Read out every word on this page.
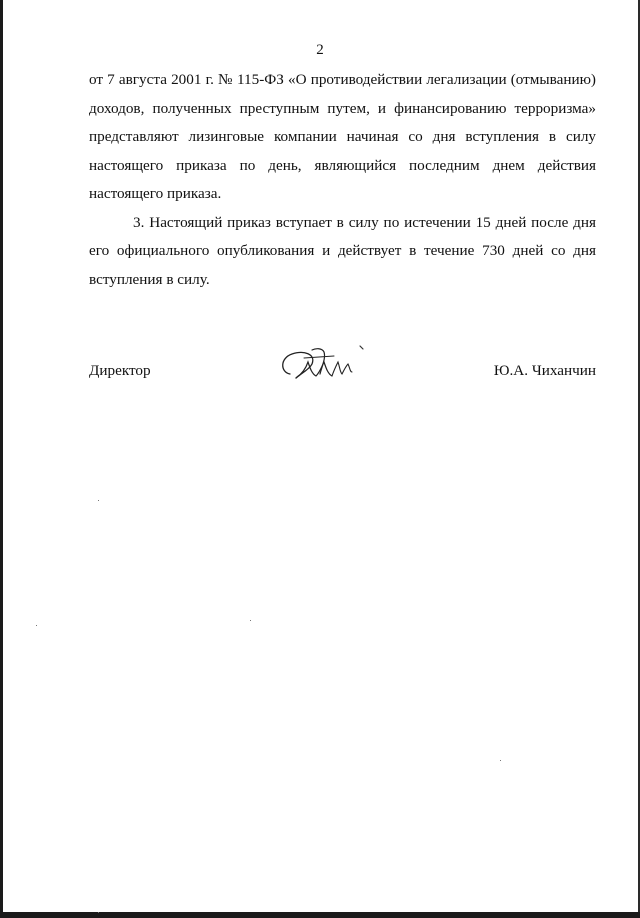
2
от 7 августа 2001 г. № 115-ФЗ «О противодействии легализации (отмыванию)
доходов, полученных преступным путем, и финансированию терроризма»
представляют лизинговые компании начиная со дня вступления в силу
настоящего приказа по день, являющийся последним днем действия
настоящего приказа.
3. Настоящий приказ вступает в силу по истечении 15 дней после дня
его официального опубликования и действует в течение 730 дней со дня
вступления в силу.
Директор	Ю.А. Чиханчин
